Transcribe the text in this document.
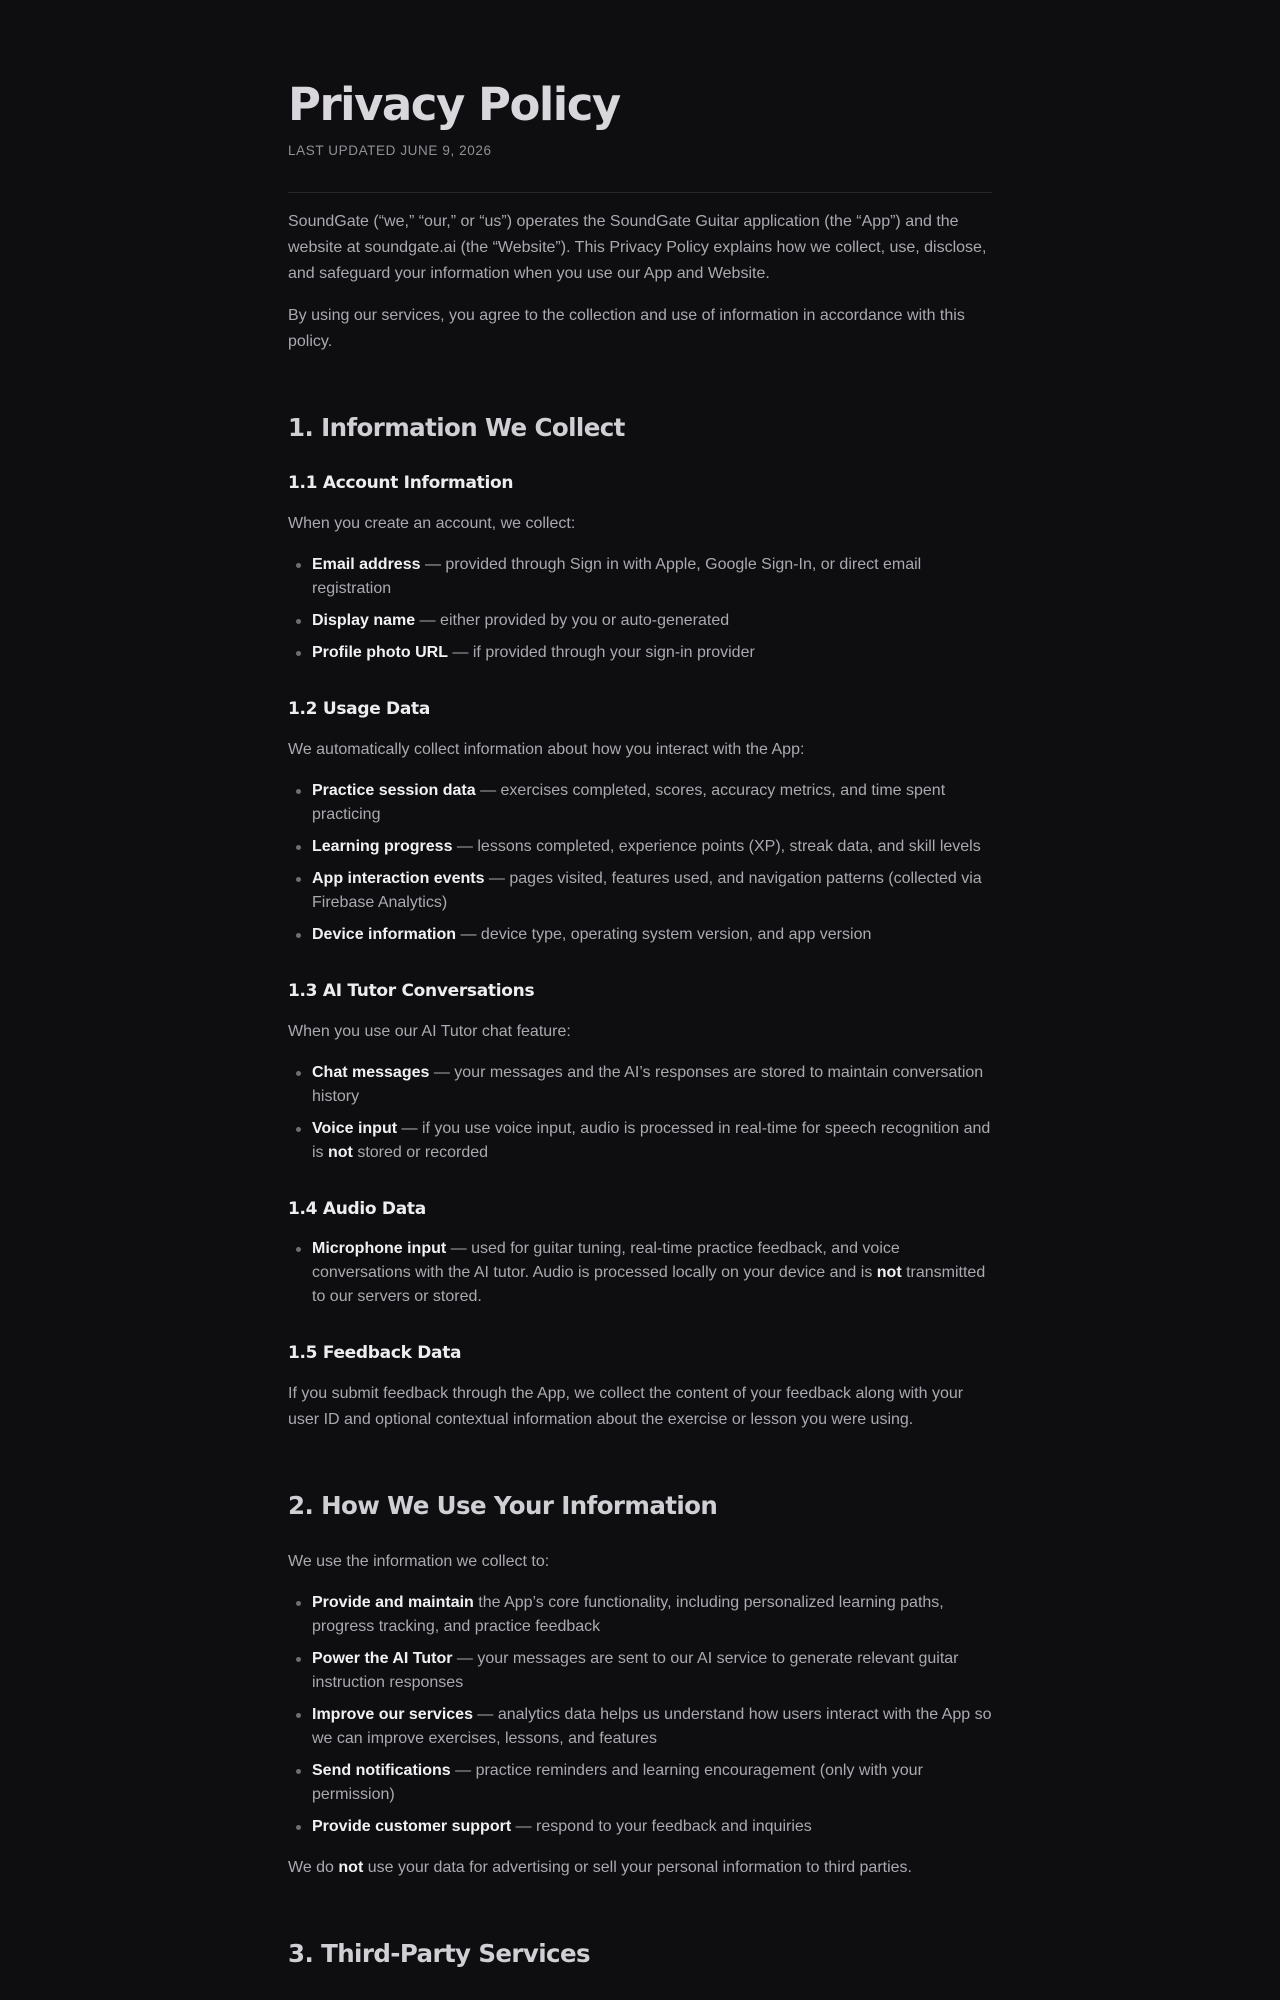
Privacy Policy
LAST UPDATED JUNE 9, 2026

SoundGate (“we,” “our,” or “us”) operates the SoundGate Guitar application (the “App”) and the website at soundgate.ai (the “Website”). This Privacy Policy explains how we collect, use, disclose, and safeguard your information when you use our App and Website.

By using our services, you agree to the collection and use of information in accordance with this policy.

1. Information We Collect
1.1 Account Information

When you create an account, we collect:

Email address — provided through Sign in with Apple, Google Sign-In, or direct email registration
Display name — either provided by you or auto-generated
Profile photo URL — if provided through your sign-in provider
1.2 Usage Data

We automatically collect information about how you interact with the App:

Practice session data — exercises completed, scores, accuracy metrics, and time spent practicing
Learning progress — lessons completed, experience points (XP), streak data, and skill levels
App interaction events — pages visited, features used, and navigation patterns (collected via Firebase Analytics)
Device information — device type, operating system version, and app version
1.3 AI Tutor Conversations

When you use our AI Tutor chat feature:

Chat messages — your messages and the AI’s responses are stored to maintain conversation history
Voice input — if you use voice input, audio is processed in real-time for speech recognition and is not stored or recorded
1.4 Audio Data
Microphone input — used for guitar tuning, real-time practice feedback, and voice conversations with the AI tutor. Audio is processed locally on your device and is not transmitted to our servers or stored.
1.5 Feedback Data

If you submit feedback through the App, we collect the content of your feedback along with your user ID and optional contextual information about the exercise or lesson you were using.

2. How We Use Your Information

We use the information we collect to:

Provide and maintain the App’s core functionality, including personalized learning paths, progress tracking, and practice feedback
Power the AI Tutor — your messages are sent to our AI service to generate relevant guitar instruction responses
Improve our services — analytics data helps us understand how users interact with the App so we can improve exercises, lessons, and features
Send notifications — practice reminders and learning encouragement (only with your permission)
Provide customer support — respond to your feedback and inquiries

We do not use your data for advertising or sell your personal information to third parties.

3. Third-Party Services
